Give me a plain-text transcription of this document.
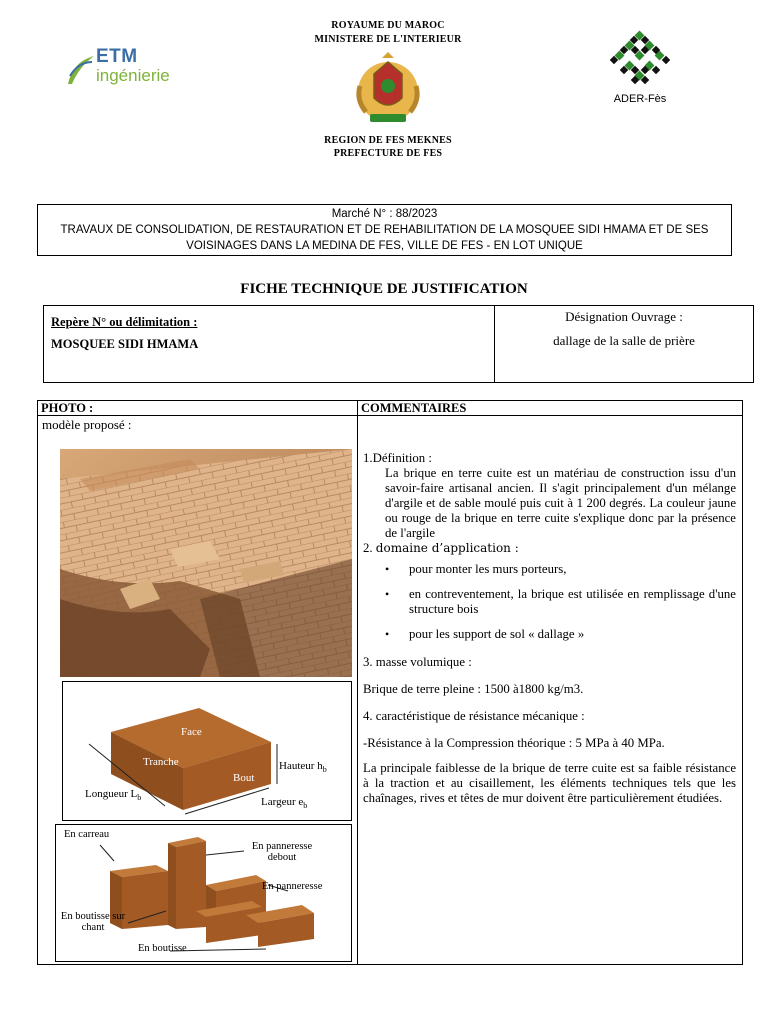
ROYAUME DU MAROC
MINISTERE DE L'INTERIEUR
ETM
ingénierie
ADER-Fès
REGION DE FES MEKNES
PREFECTURE DE FES
Marché N° : 88/2023
TRAVAUX DE CONSOLIDATION, DE RESTAURATION ET DE REHABILITATION DE LA MOSQUEE SIDI HMAMA ET DE SES
VOISINAGES DANS LA MEDINA DE FES, VILLE DE FES - EN LOT UNIQUE
FICHE TECHNIQUE DE JUSTIFICATION
Repère N° ou délimitation :
MOSQUEE SIDI HMAMA
Désignation Ouvrage :
dallage de la salle de prière
PHOTO :	COMMENTAIRES
modèle proposé :
Face
Tranche
Bout
Hauteur $h_b$
Longueur $L_b$	Largeur $e_b$
En carreau
En panneresse
debout
En panneresse
En boutisse sur
chant
En boutisse

1.Définition :

La brique en terre cuite est un matériau de construction issu d'un savoir-faire artisanal ancien. Il s'agit principalement d'un mélange d'argile et de sable moulé puis cuit à 1 200 degrés. La couleur jaune ou rouge de la brique en terre cuite s'explique donc par la présence de l'argile

2. domaine d’application :

• pour monter les murs porteurs,
• en contreventement, la brique est utilisée en remplissage d'une structure bois
• pour les support de sol « dallage »

3. masse volumique :

Brique de terre pleine : 1500 à1800 kg/m3.

4. caractéristique de résistance mécanique :

-Résistance à la Compression théorique : 5 MPa à 40 MPa.

La principale faiblesse de la brique de terre cuite est sa faible résistance à la traction et au cisaillement, les éléments techniques tels que les chaînages, rives et têtes de mur doivent être particulièrement étudiées.
